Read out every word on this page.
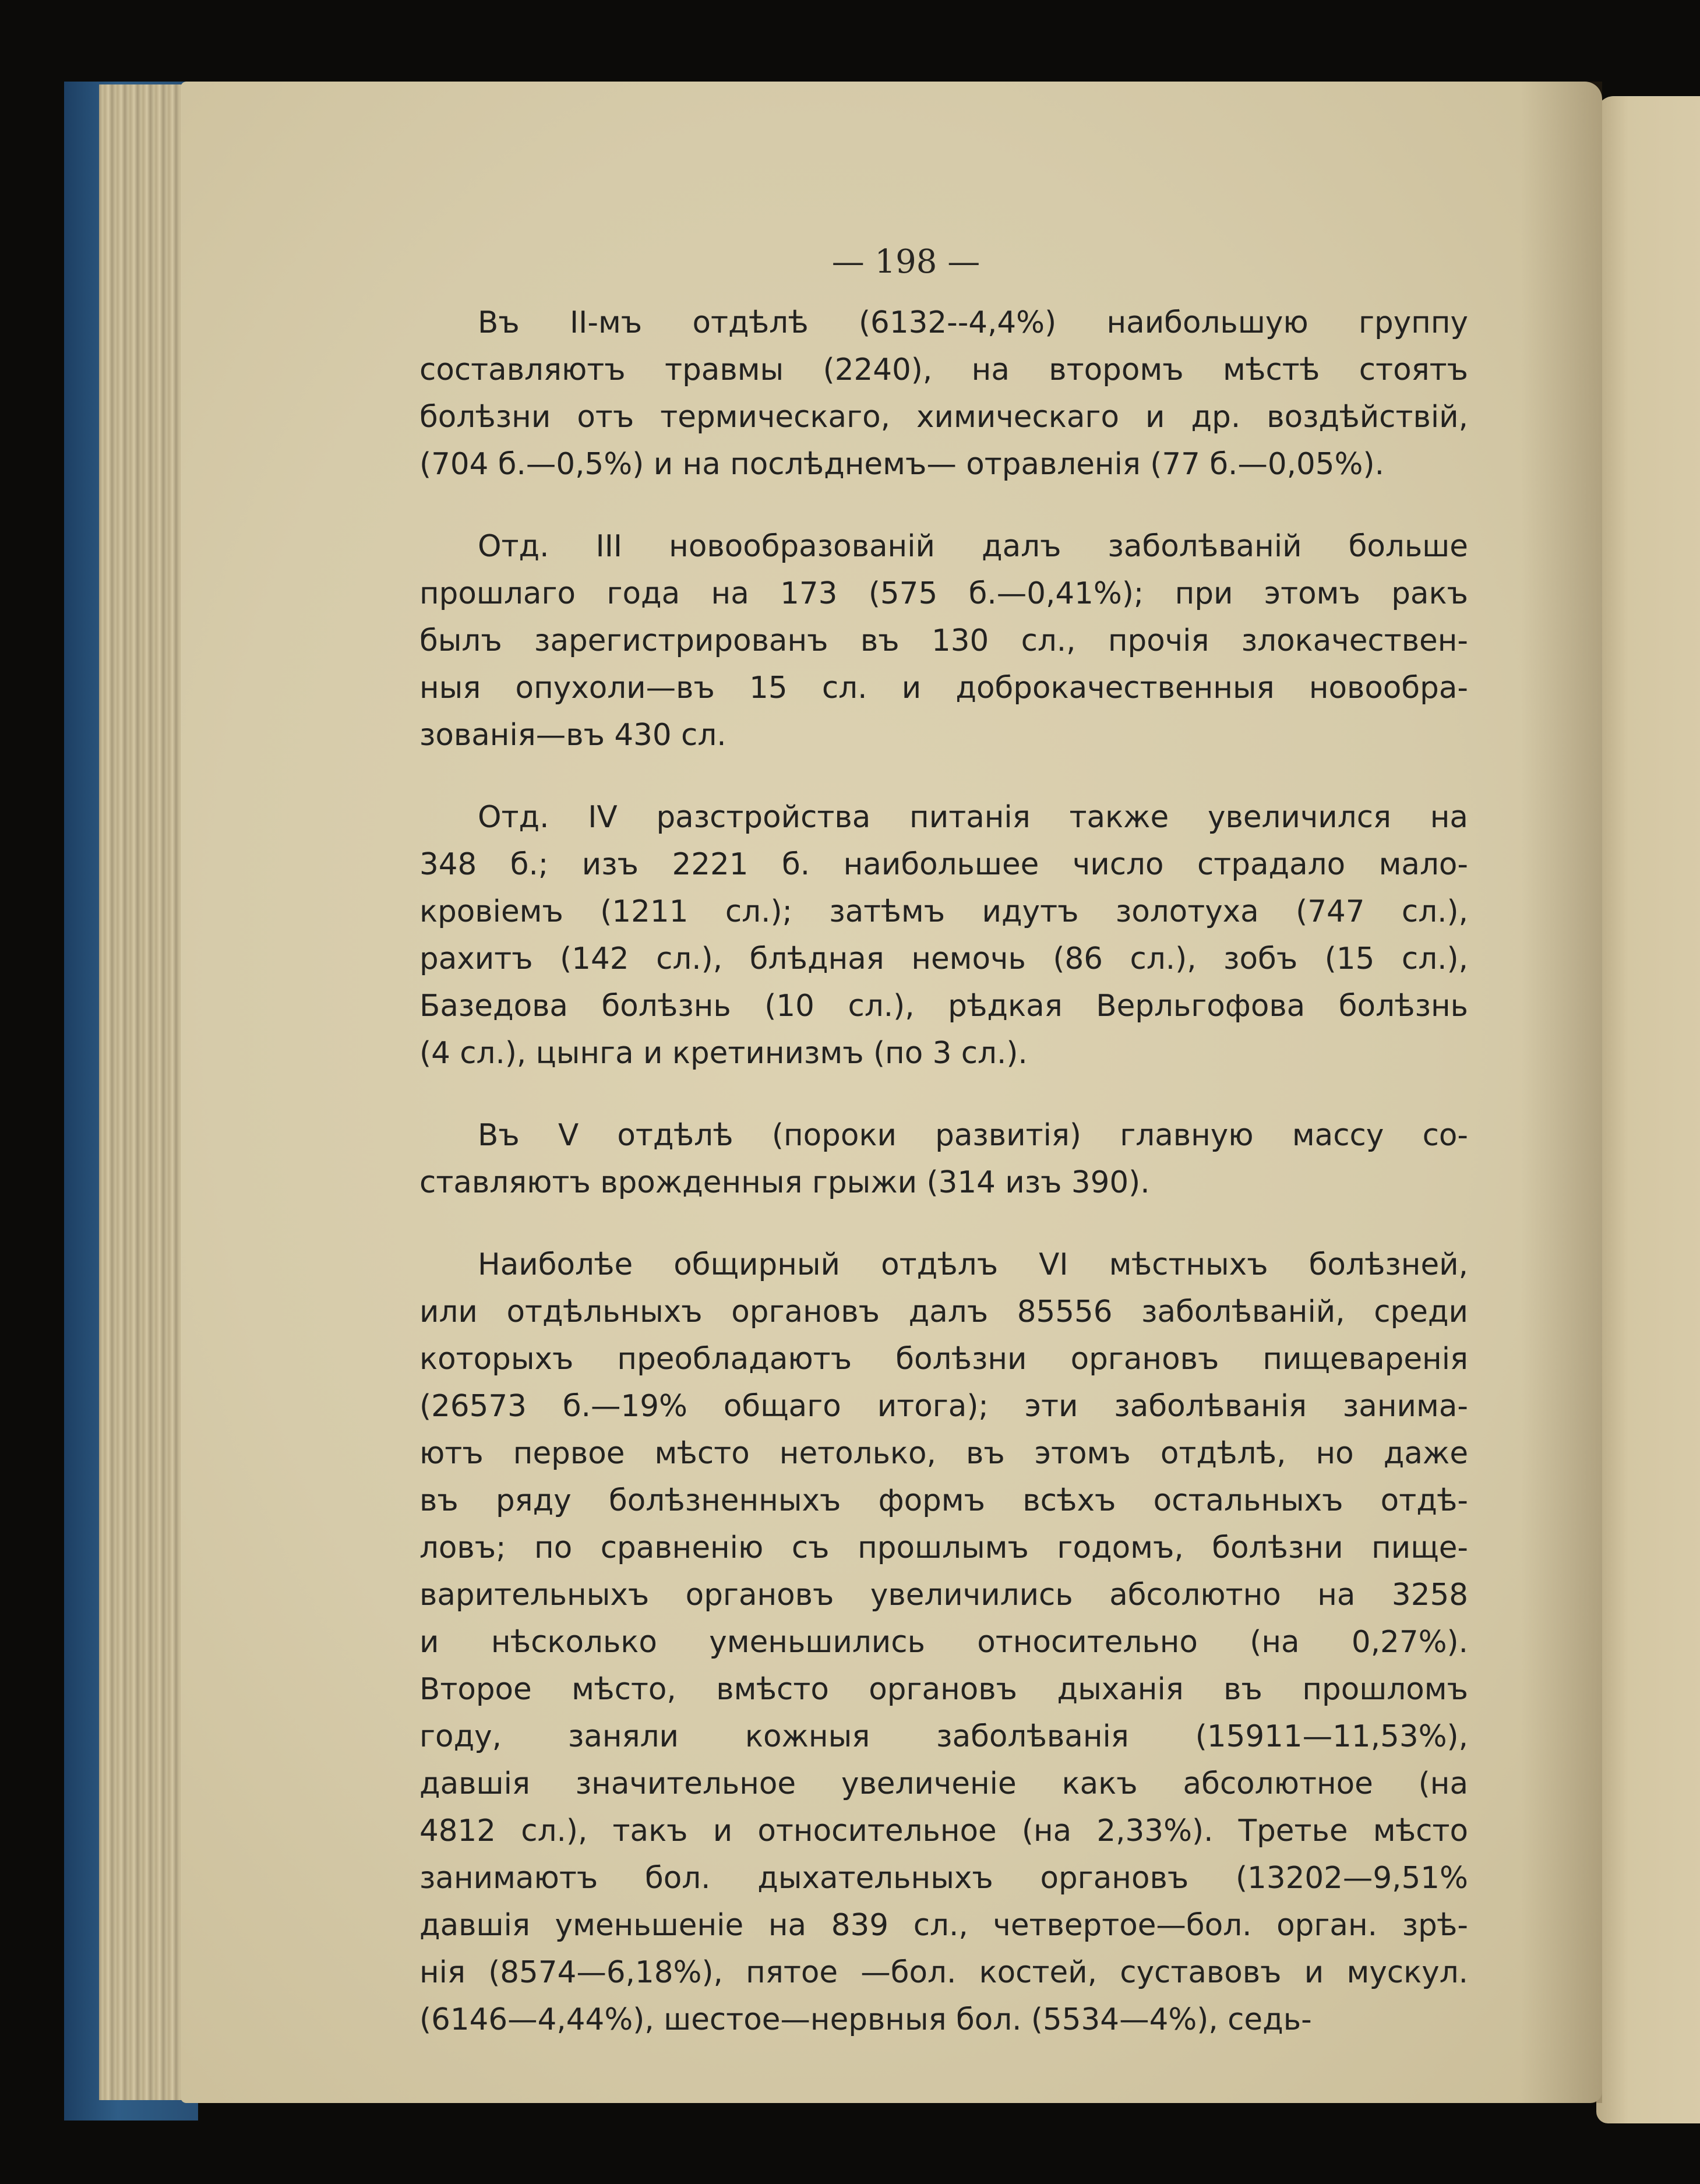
— 198 —
Въ II-мъ отдѣлѣ (6132--4,4%) наибольшую группу
составляютъ травмы (2240), на второмъ мѣстѣ стоятъ
болѣзни отъ термическаго, химическаго и др. воздѣйствій,
(704 б.—0,5%) и на послѣднемъ— отравленія (77 б.—0,05%).
Отд. III новообразованій далъ заболѣваній больше
прошлаго года на 173 (575 б.—0,41%); при этомъ ракъ
былъ зарегистрированъ въ 130 сл., прочія злокачествен-
ныя опухоли—въ 15 сл. и доброкачественныя новообра-
зованія—въ 430 сл.
Отд. IV разстройства питанія также увеличился на
348 б.; изъ 2221 б. наибольшее число страдало мало-
кровіемъ (1211 сл.); затѣмъ идутъ золотуха (747 сл.),
рахитъ (142 сл.), блѣдная немочь (86 сл.), зобъ (15 сл.),
Базедова болѣзнь (10 сл.), рѣдкая Верльгофова болѣзнь
(4 сл.), цынга и кретинизмъ (по 3 сл.).
Въ V отдѣлѣ (пороки развитія) главную массу со-
ставляютъ врожденныя грыжи (314 изъ 390).
Наиболѣе общирный отдѣлъ VI мѣстныхъ болѣзней,
или отдѣльныхъ органовъ далъ 85556 заболѣваній, среди
которыхъ преобладаютъ болѣзни органовъ пищеваренія
(26573 б.—19% общаго итога); эти заболѣванія занима-
ютъ первое мѣсто нетолько, въ этомъ отдѣлѣ, но даже
въ ряду болѣзненныхъ формъ всѣхъ остальныхъ отдѣ-
ловъ; по сравненію съ прошлымъ годомъ, болѣзни пище-
варительныхъ органовъ увеличились абсолютно на 3258
и нѣсколько уменьшились относительно (на 0,27%).
Второе мѣсто, вмѣсто органовъ дыханія въ прошломъ
году, заняли кожныя заболѣванія (15911—11,53%),
давшія значительное увеличеніе какъ абсолютное (на
4812 сл.), такъ и относительное (на 2,33%). Третье мѣсто
занимаютъ бол. дыхательныхъ органовъ (13202—9,51%
давшія уменьшеніе на 839 сл., четвертое—бол. орган. зрѣ-
нія (8574—6,18%), пятое —бол. костей, суставовъ и мускул.
(6146—4,44%), шестое—нервныя бол. (5534—4%), седь-
